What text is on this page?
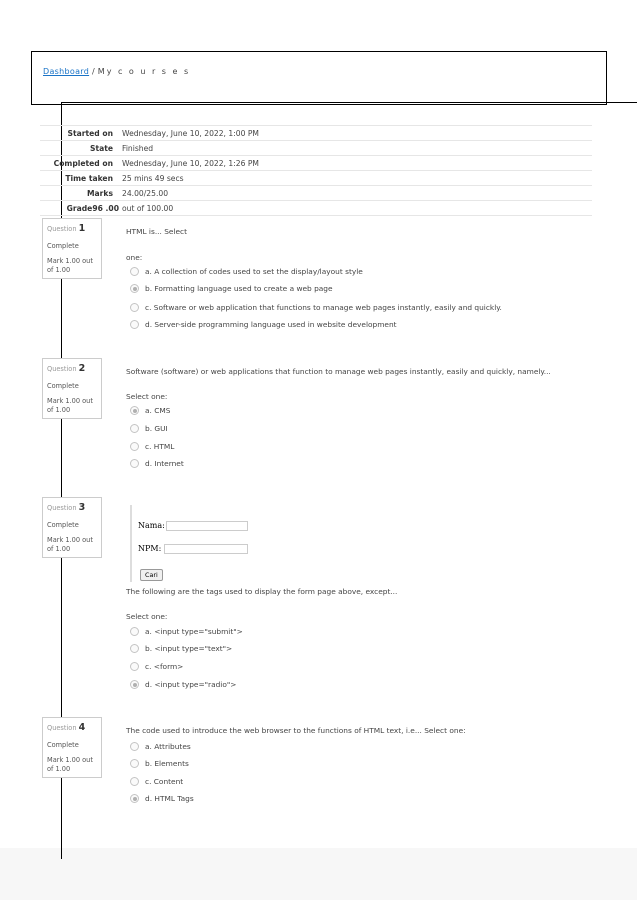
Dashboard / My c o u r s e s
Started on	Wednesday, June 10, 2022, 1:00 PM
State	Finished
Completed on	Wednesday, June 10, 2022, 1:26 PM
Time taken	25 mins 49 secs
Marks	24.00/25.00
Grade96 .00 out of 100.00
Question 1
Complete
Mark 1.00 out of 1.00
HTML is... Select
one:
a. A collection of codes used to set the display/layout style
b. Formatting language used to create a web page
c. Software or web application that functions to manage web pages instantly, easily and quickly.
d. Server-side programming language used in website development
Question 2
Complete
Mark 1.00 out of 1.00
Software (software) or web applications that function to manage web pages instantly, easily and quickly, namely...
Select one:
a. CMS
b. GUI
c. HTML
d. Internet
Question 3
Complete
Mark 1.00 out of 1.00
Nama:
NPM:
Cari
The following are the tags used to display the form page above, except...
Select one:
a. <input type="submit">
b. <input type="text">
c. <form>
d. <input type="radio">
Question 4
Complete
Mark 1.00 out of 1.00
The code used to introduce the web browser to the functions of HTML text, i.e... Select one:
a. Attributes
b. Elements
c. Content
d. HTML Tags
